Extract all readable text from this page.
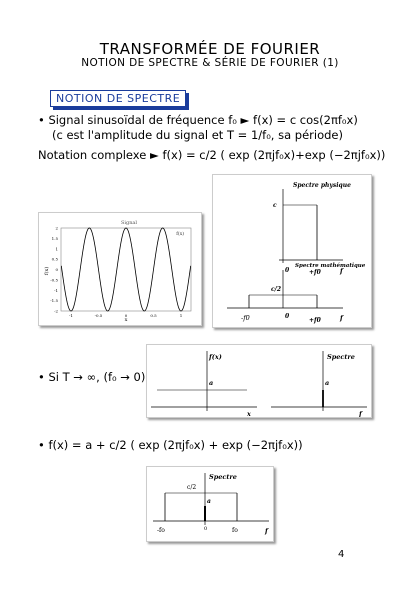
TRANSFORMÉE DE FOURIER
NOTION DE SPECTRE & SÉRIE DE FOURIER (1)
NOTION DE SPECTRE
• Signal sinusoïdal de fréquence f₀ ► f(x) = c cos(2πf₀x)
(c est l'amplitude du signal et T = 1/f₀, sa période)
Notation complexe ► f(x) = c/2 ( exp (2πjf₀x)+exp (−2πjf₀x))
Signal
f(x)
2
1.5
1
0.5
0
-0.5
-1
-1.5
-2
-1	-0.5	0	0.5	1
f(x)
x
Spectre physique
c
0	+f0	f
Spectre mathématique
c/2
-f0	0
+f0	f
• Si T → ∞, (f₀ → 0)
f(x)
a
x
Spectre
a
f
• f(x) = a + c/2 ( exp (2πjf₀x) + exp (−2πjf₀x))
Spectre
c/2
a
-fo	0	fo	f
4
